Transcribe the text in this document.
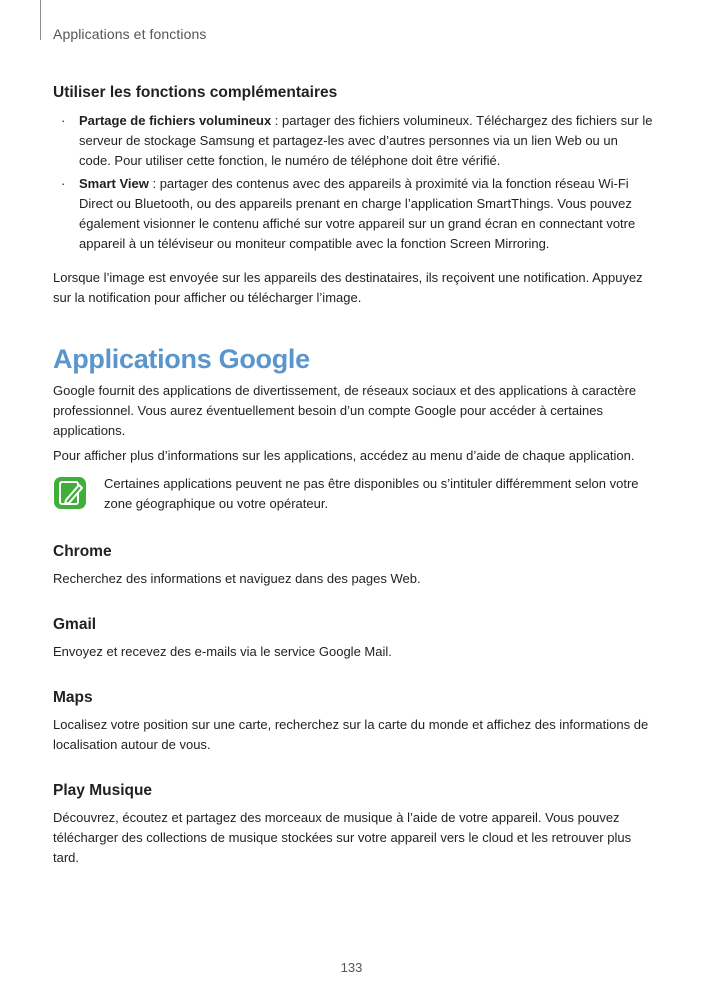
Applications et fonctions
Utiliser les fonctions complémentaires
· Partage de fichiers volumineux : partager des fichiers volumineux. Téléchargez des fichiers sur le serveur de stockage Samsung et partagez-les avec d’autres personnes via un lien Web ou un code. Pour utiliser cette fonction, le numéro de téléphone doit être vérifié.
· Smart View : partager des contenus avec des appareils à proximité via la fonction réseau Wi-Fi Direct ou Bluetooth, ou des appareils prenant en charge l’application SmartThings. Vous pouvez également visionner le contenu affiché sur votre appareil sur un grand écran en connectant votre appareil à un téléviseur ou moniteur compatible avec la fonction Screen Mirroring.

Lorsque l’image est envoyée sur les appareils des destinataires, ils reçoivent une notification. Appuyez sur la notification pour afficher ou télécharger l’image.

Applications Google

Google fournit des applications de divertissement, de réseaux sociaux et des applications à caractère professionnel. Vous aurez éventuellement besoin d’un compte Google pour accéder à certaines applications.

Pour afficher plus d’informations sur les applications, accédez au menu d’aide de chaque application.

Certaines applications peuvent ne pas être disponibles ou s’intituler différemment selon votre zone géographique ou votre opérateur.

Chrome

Recherchez des informations et naviguez dans des pages Web.

Gmail

Envoyez et recevez des e-mails via le service Google Mail.

Maps

Localisez votre position sur une carte, recherchez sur la carte du monde et affichez des informations de localisation autour de vous.

Play Musique

Découvrez, écoutez et partagez des morceaux de musique à l’aide de votre appareil. Vous pouvez télécharger des collections de musique stockées sur votre appareil vers le cloud et les retrouver plus tard.

133
